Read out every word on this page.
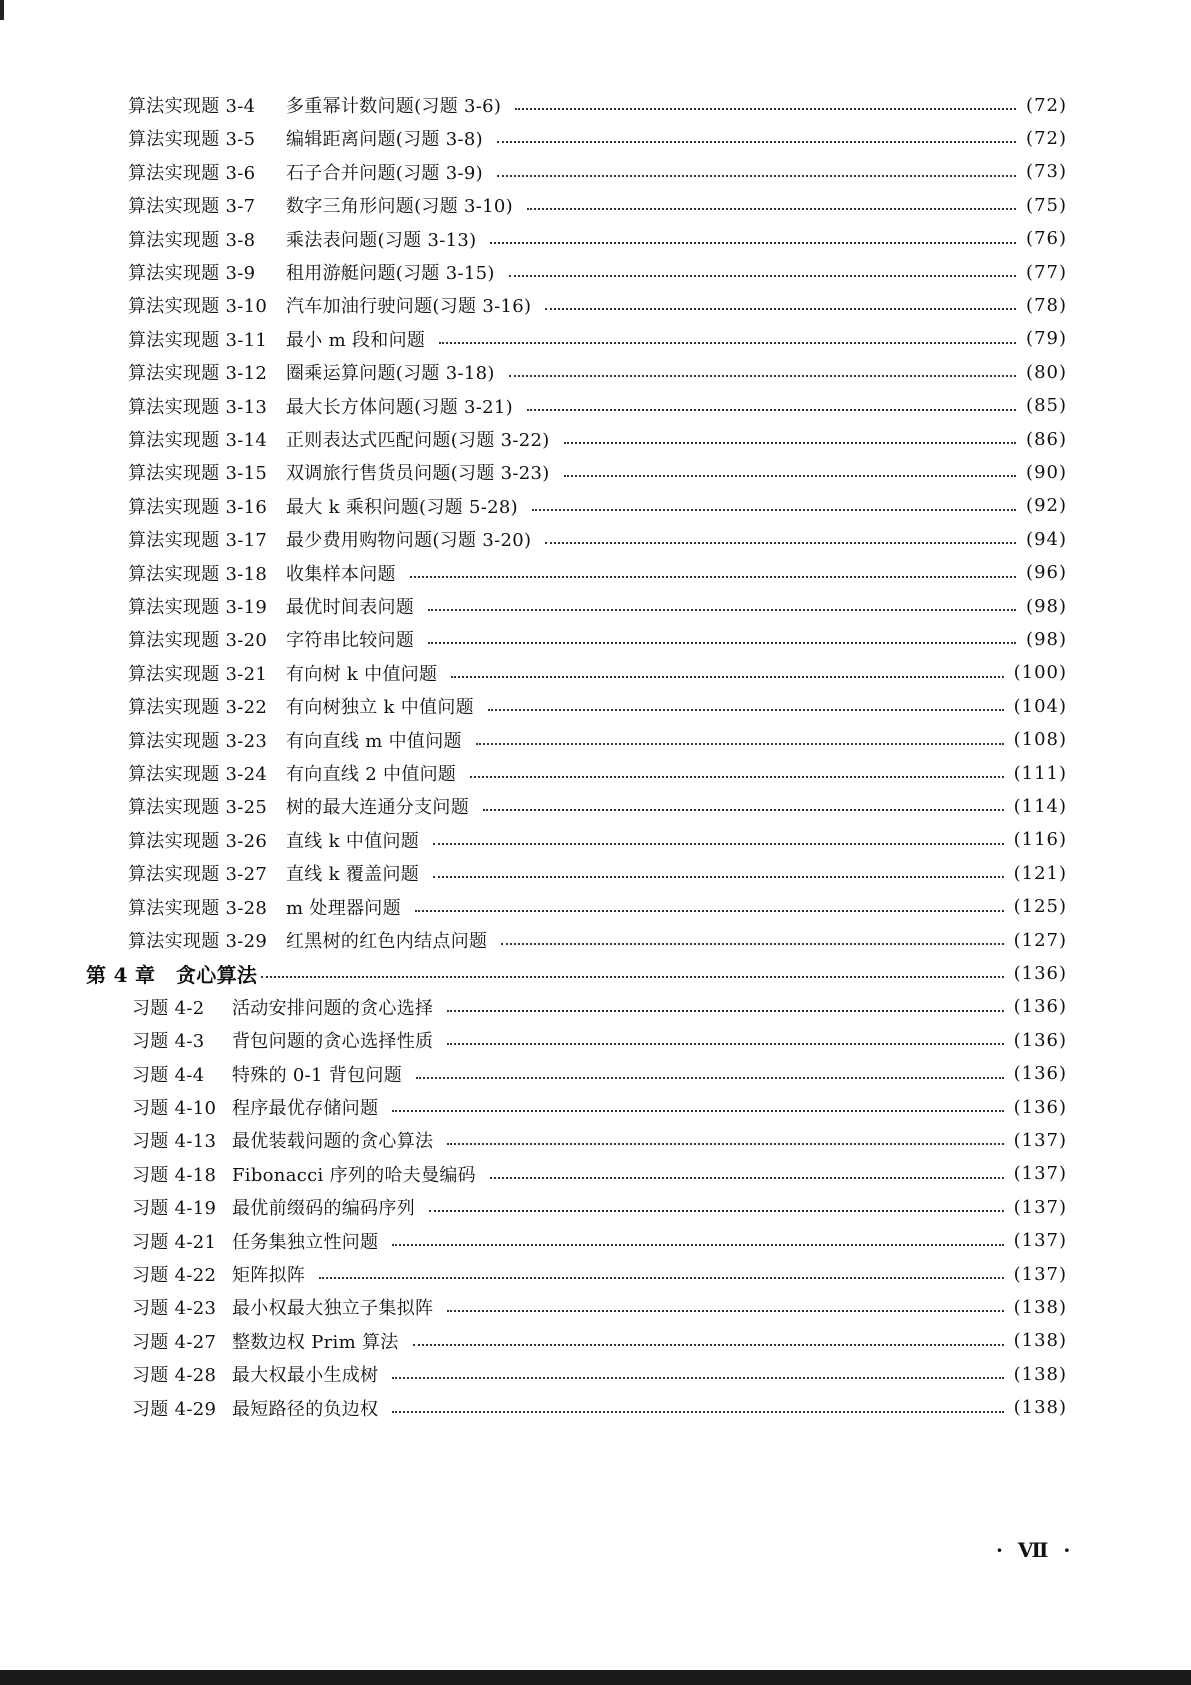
算法实现题 3-4 多重幂计数问题(习题 3-6)	(72)
算法实现题 3-5 编辑距离问题(习题 3-8)	(72)
算法实现题 3-6 石子合并问题(习题 3-9)	(73)
算法实现题 3-7 数字三角形问题(习题 3-10)	(75)
算法实现题 3-8 乘法表问题(习题 3-13)	(76)
算法实现题 3-9 租用游艇问题(习题 3-15)	(77)
算法实现题 3-10 汽车加油行驶问题(习题 3-16)	(78)
算法实现题 3-11 最小 m 段和问题	(79)
算法实现题 3-12 圈乘运算问题(习题 3-18)	(80)
算法实现题 3-13 最大长方体问题(习题 3-21)	(85)
算法实现题 3-14 正则表达式匹配问题(习题 3-22)	(86)
算法实现题 3-15 双调旅行售货员问题(习题 3-23)	(90)
算法实现题 3-16 最大 k 乘积问题(习题 5-28)	(92)
算法实现题 3-17 最少费用购物问题(习题 3-20)	(94)
算法实现题 3-18 收集样本问题	(96)
算法实现题 3-19 最优时间表问题	(98)
算法实现题 3-20 字符串比较问题	(98)
算法实现题 3-21 有向树 k 中值问题	(100)
算法实现题 3-22 有向树独立 k 中值问题	(104)
算法实现题 3-23 有向直线 m 中值问题	(108)
算法实现题 3-24 有向直线 2 中值问题	(111)
算法实现题 3-25 树的最大连通分支问题	(114)
算法实现题 3-26 直线 k 中值问题	(116)
算法实现题 3-27 直线 k 覆盖问题	(121)
算法实现题 3-28 m 处理器问题	(125)
算法实现题 3-29 红黑树的红色内结点问题	(127)
第 4 章 贪心算法	(136)
习题 4-2 活动安排问题的贪心选择	(136)
习题 4-3 背包问题的贪心选择性质	(136)
习题 4-4 特殊的 0-1 背包问题	(136)
习题 4-10 程序最优存储问题	(136)
习题 4-13 最优装载问题的贪心算法	(137)
习题 4-18 Fibonacci 序列的哈夫曼编码	(137)
习题 4-19 最优前缀码的编码序列	(137)
习题 4-21 任务集独立性问题	(137)
习题 4-22 矩阵拟阵	(137)
习题 4-23 最小权最大独立子集拟阵	(138)
习题 4-27 整数边权 Prim 算法	(138)
习题 4-28 最大权最小生成树	(138)
习题 4-29 最短路径的负边权	(138)
· Ⅶ ·
